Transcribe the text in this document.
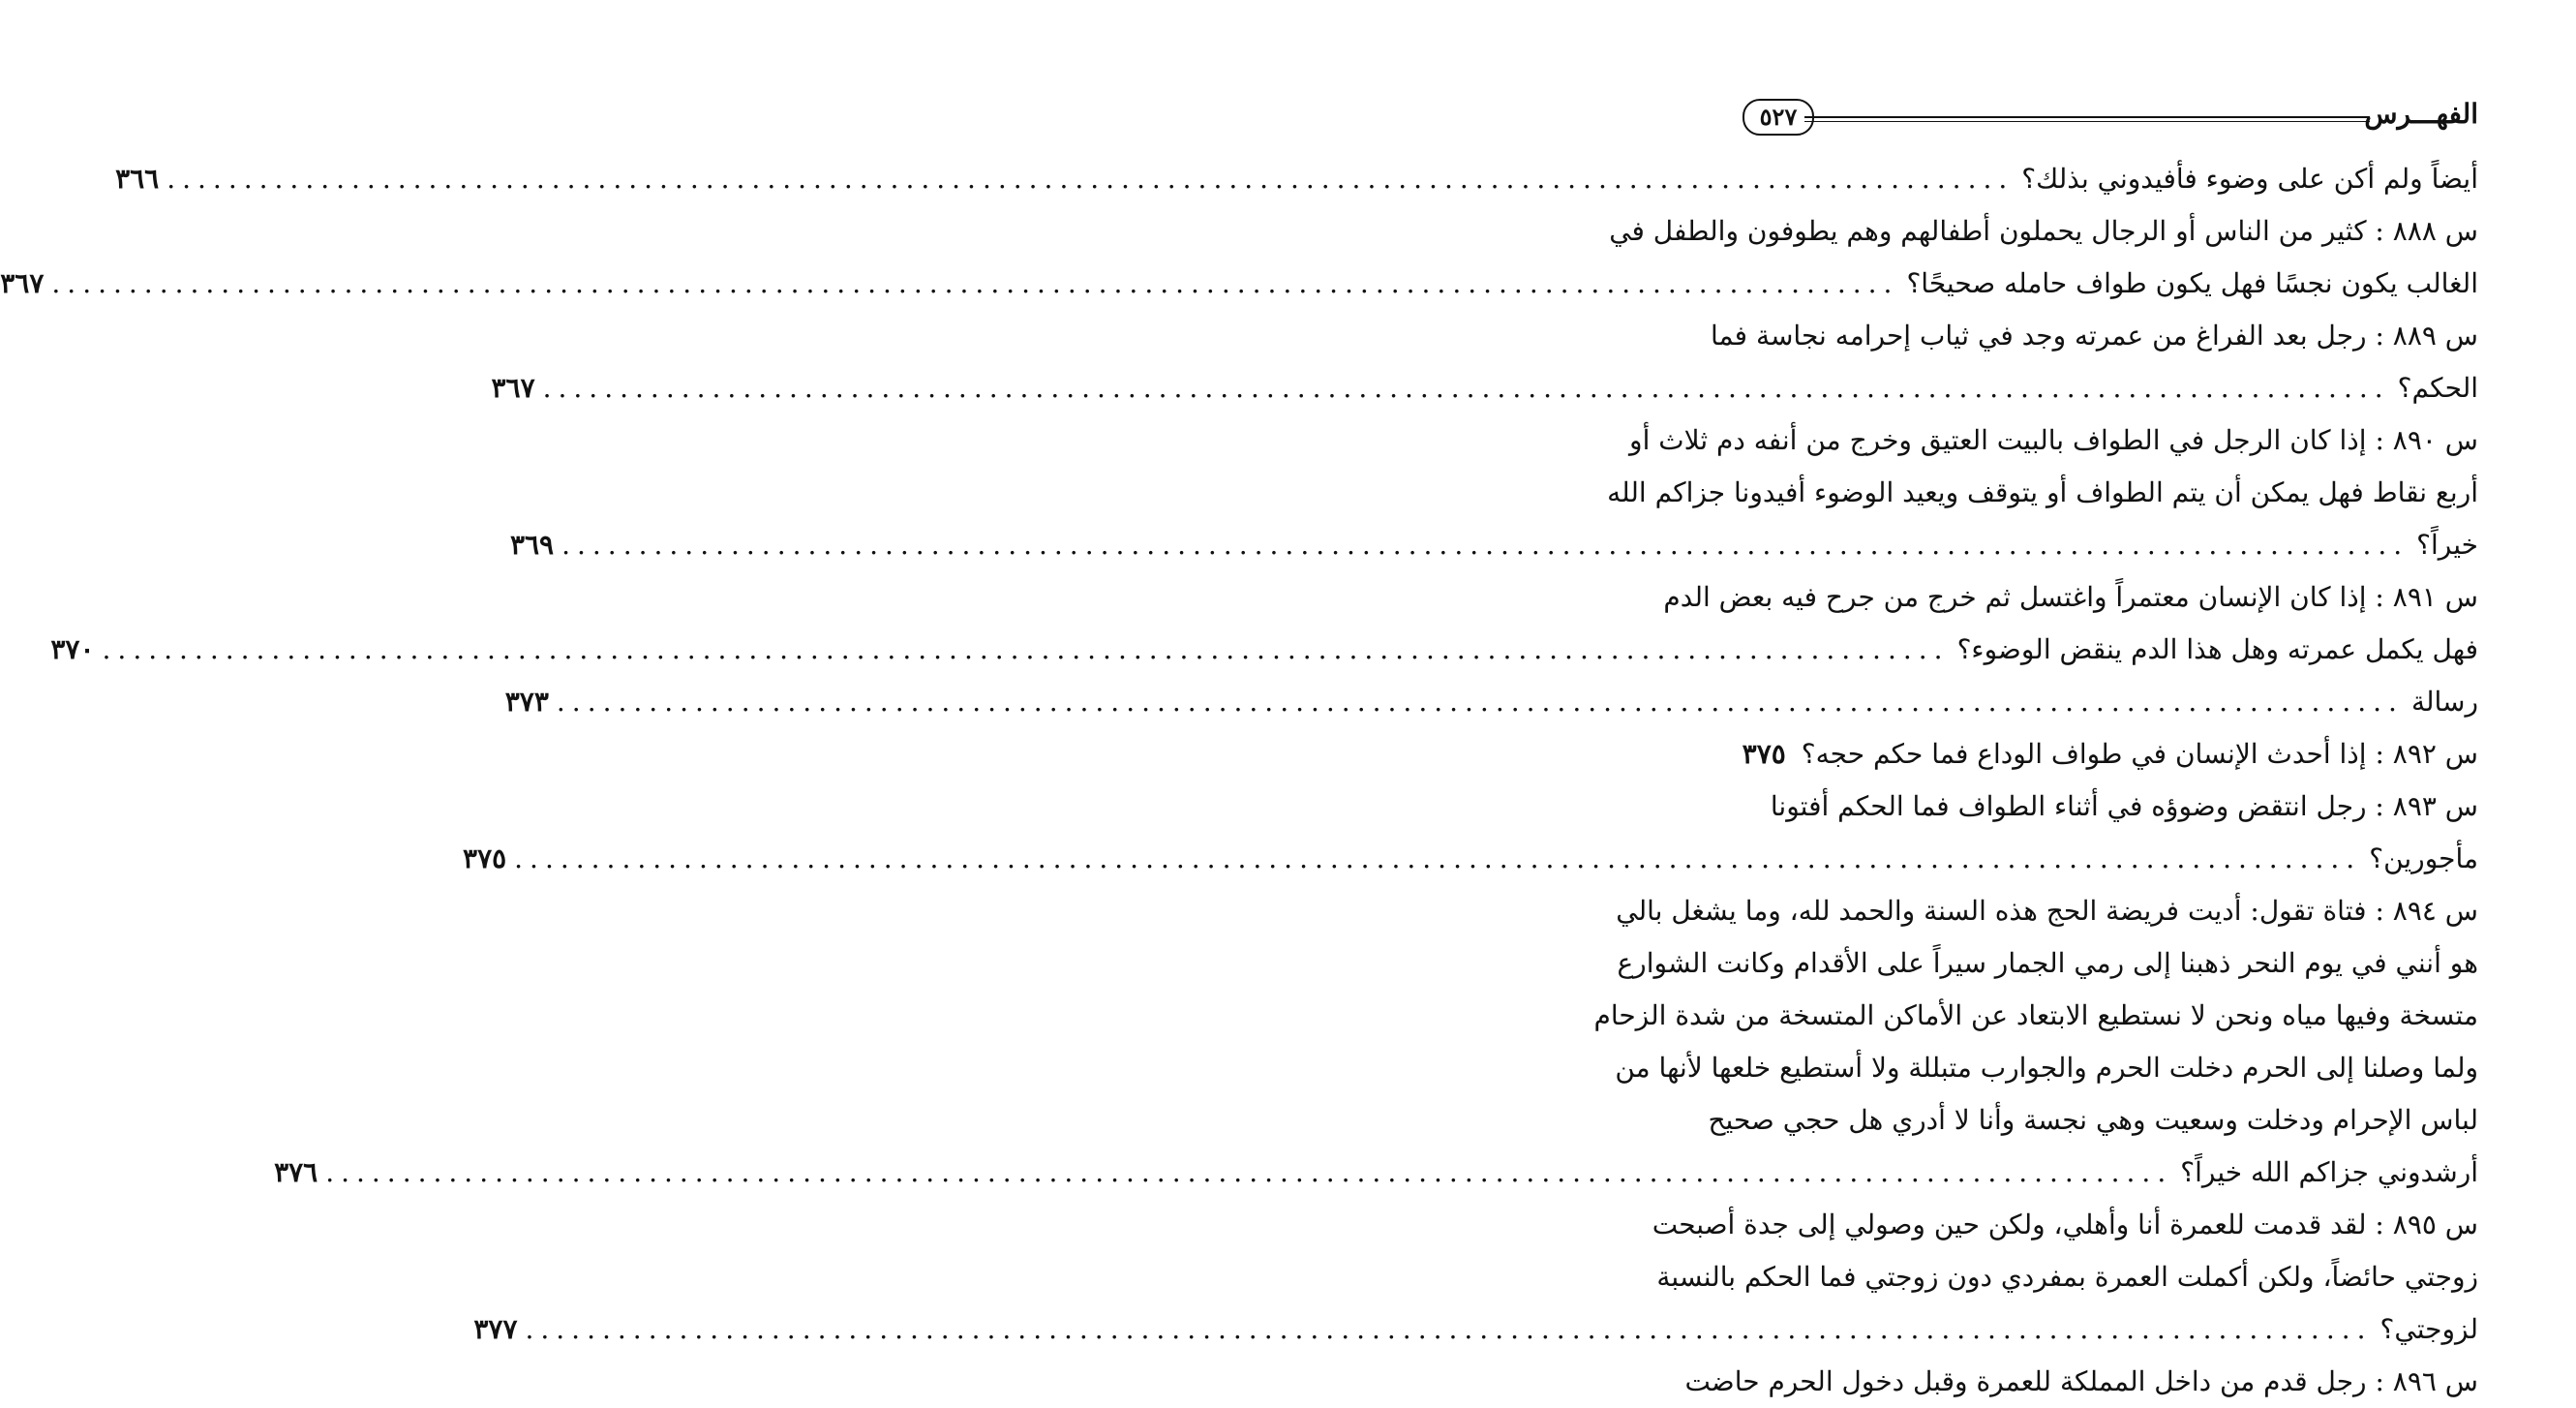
الفهـــرس
٥٢٧
أيضاً ولم أكن على وضوء فأفيدوني بذلك؟
........................................................................................................................
٣٦٦
س ٨٨٨ : كثير من الناس أو الرجال يحملون أطفالهم وهم يطوفون والطفل في
الغالب يكون نجسًا فهل يكون طواف حامله صحيحًا؟
........................................................................................................................
٣٦٧
س ٨٨٩ : رجل بعد الفراغ من عمرته وجد في ثياب إحرامه نجاسة فما
الحكم؟
........................................................................................................................
٣٦٧
س ٨٩٠ : إذا كان الرجل في الطواف بالبيت العتيق وخرج من أنفه دم ثلاث أو
أربع نقاط فهل يمكن أن يتم الطواف أو يتوقف ويعيد الوضوء أفيدونا جزاكم الله
خيراً؟
........................................................................................................................
٣٦٩
س ٨٩١ : إذا كان الإنسان معتمراً واغتسل ثم خرج من جرح فيه بعض الدم
فهل يكمل عمرته وهل هذا الدم ينقض الوضوء؟
........................................................................................................................
٣٧٠
رسالة
........................................................................................................................
٣٧٣
س ٨٩٢ : إذا أحدث الإنسان في طواف الوداع فما حكم حجه؟
٣٧٥
س ٨٩٣ : رجل انتقض وضوؤه في أثناء الطواف فما الحكم أفتونا
مأجورين؟
........................................................................................................................
٣٧٥
س ٨٩٤ : فتاة تقول: أديت فريضة الحج هذه السنة والحمد لله، وما يشغل بالي
هو أنني في يوم النحر ذهبنا إلى رمي الجمار سيراً على الأقدام وكانت الشوارع
متسخة وفيها مياه ونحن لا نستطيع الابتعاد عن الأماكن المتسخة من شدة الزحام
ولما وصلنا إلى الحرم دخلت الحرم والجوارب متبللة ولا أستطيع خلعها لأنها من
لباس الإحرام ودخلت وسعيت وهي نجسة وأنا لا أدري هل حجي صحيح
أرشدوني جزاكم الله خيراً؟
........................................................................................................................
٣٧٦
س ٨٩٥ : لقد قدمت للعمرة أنا وأهلي، ولكن حين وصولي إلى جدة أصبحت
زوجتي حائضاً، ولكن أكملت العمرة بمفردي دون زوجتي فما الحكم بالنسبة
لزوجتي؟
........................................................................................................................
٣٧٧
س ٨٩٦ : رجل قدم من داخل المملكة للعمرة وقبل دخول الحرم حاضت
